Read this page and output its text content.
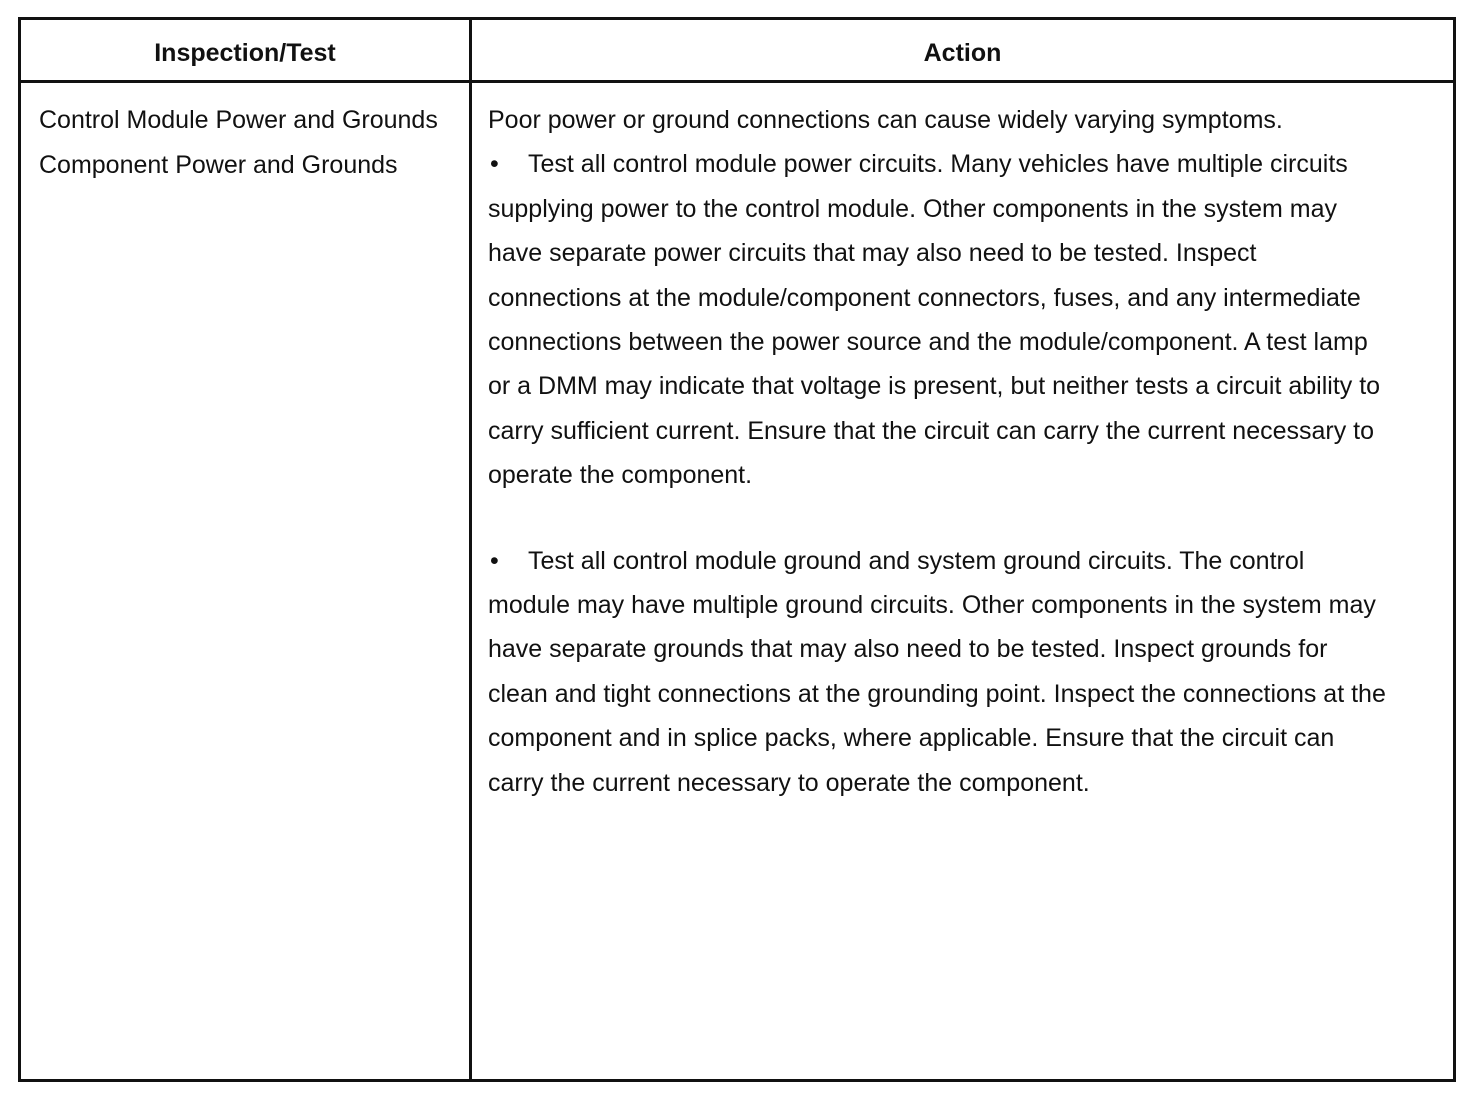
Inspection/Test	Action
Control Module Power and Grounds Component Power and Grounds

Poor power or ground connections can cause widely varying symptoms.

• Test all control module power circuits. Many vehicles have multiple circuits supplying power to the control module. Other components in the system may have separate power circuits that may also need to be tested. Inspect connections at the module/component connectors, fuses, and any intermediate connections between the power source and the module/component. A test lamp or a DMM may indicate that voltage is present, but neither tests a circuit ability to carry sufficient current. Ensure that the circuit can carry the current necessary to operate the component.

• Test all control module ground and system ground circuits. The control module may have multiple ground circuits. Other components in the system may have separate grounds that may also need to be tested. Inspect grounds for clean and tight connections at the grounding point. Inspect the connections at the component and in splice packs, where applicable. Ensure that the circuit can carry the current necessary to operate the component.
